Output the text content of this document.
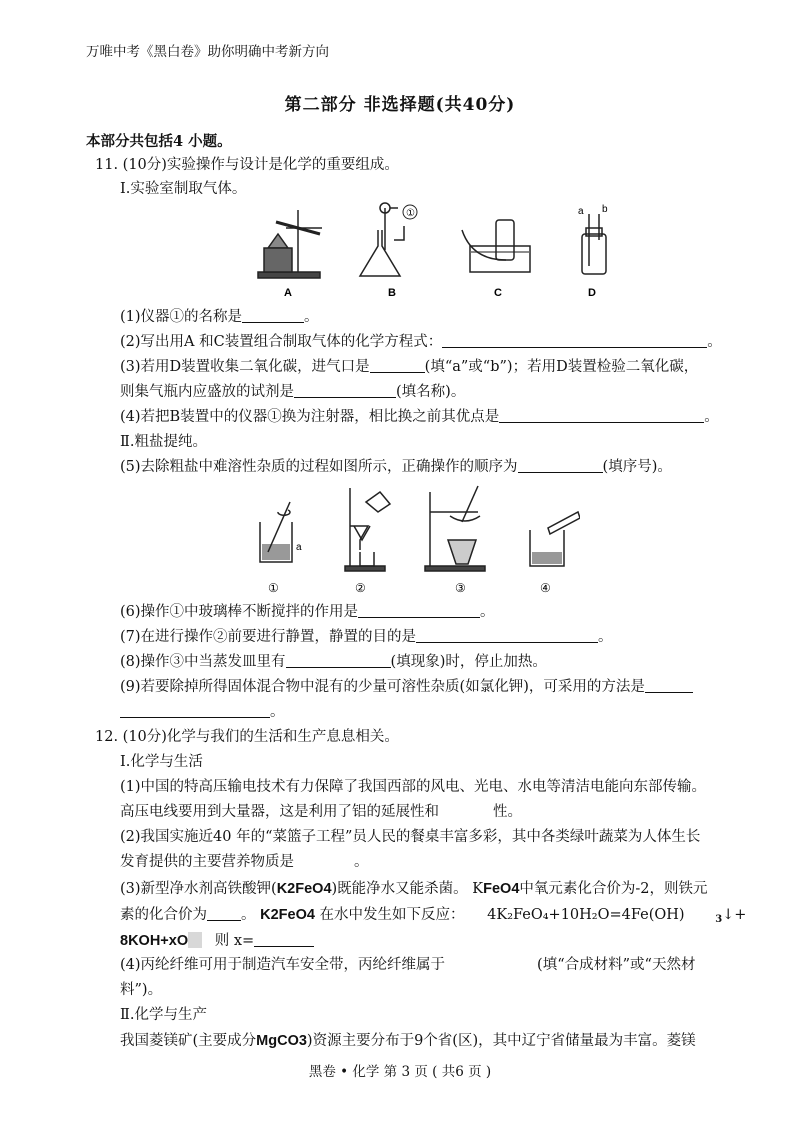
万唯中考《黑白卷》助你明确中考新方向
第二部分 非选择题(共40分)
本部分共包括4 小题。
11. (10分)实验操作与设计是化学的重要组成。
Ⅰ.实验室制取气体。
A
①
B	C
a b
D
(1)仪器①的名称是	。
(2)写出用A 和C装置组合制取气体的化学方程式：	。
(3)若用D装置收集二氧化碳，进气口是	(填“a”或“b”)；若用D装置检验二氧化碳，
则集气瓶内应盛放的试剂是	(填名称)。
(4)若把B装置中的仪器①换为注射器，相比换之前其优点是	。
Ⅱ.粗盐提纯。
(5)去除粗盐中难溶性杂质的过程如图所示，正确操作的顺序为	(填序号)。
a
①	②	③	④
(6)操作①中玻璃棒不断搅拌的作用是	。
(7)在进行操作②前要进行静置，静置的目的是	。
(8)操作③中当蒸发皿里有	(填现象)时，停止加热。
(9)若要除掉所得固体混合物中混有的少量可溶性杂质(如氯化钾)，可采用的方法是
。
12. (10分)化学与我们的生活和生产息息相关。
Ⅰ.化学与生活
(1)中国的特高压输电技术有力保障了我国西部的风电、光电、水电等清洁电能向东部传输。
高压电线要用到大量器，这是利用了铝的延展性和	性。
(2)我国实施近40 年的“菜篮子工程”员人民的餐桌丰富多彩，其中各类绿叶蔬菜为人体生长
发育提供的主要营养物质是	。
(3)新型净水剂高铁酸钾(K2FeO4)既能净水又能杀菌。 KFeO4中氧元素化合价为-2，则铁元
素的化合价为 。 K2FeO4 在水中发生如下反应： 4K₂FeO₄+10H₂O=4Fe(OH)	$_3$↓+
8KOH+xO 则 x=
(4)丙纶纤维可用于制造汽车安全带，丙纶纤维属于	(填“合成材料”或“天然材
料”)。
Ⅱ.化学与生产
我国菱镁矿(主要成分MgCO3)资源主要分布于9个省(区)，其中辽宁省储量最为丰富。菱镁
黑卷 • 化学 第 3 页 ( 共6 页 )
